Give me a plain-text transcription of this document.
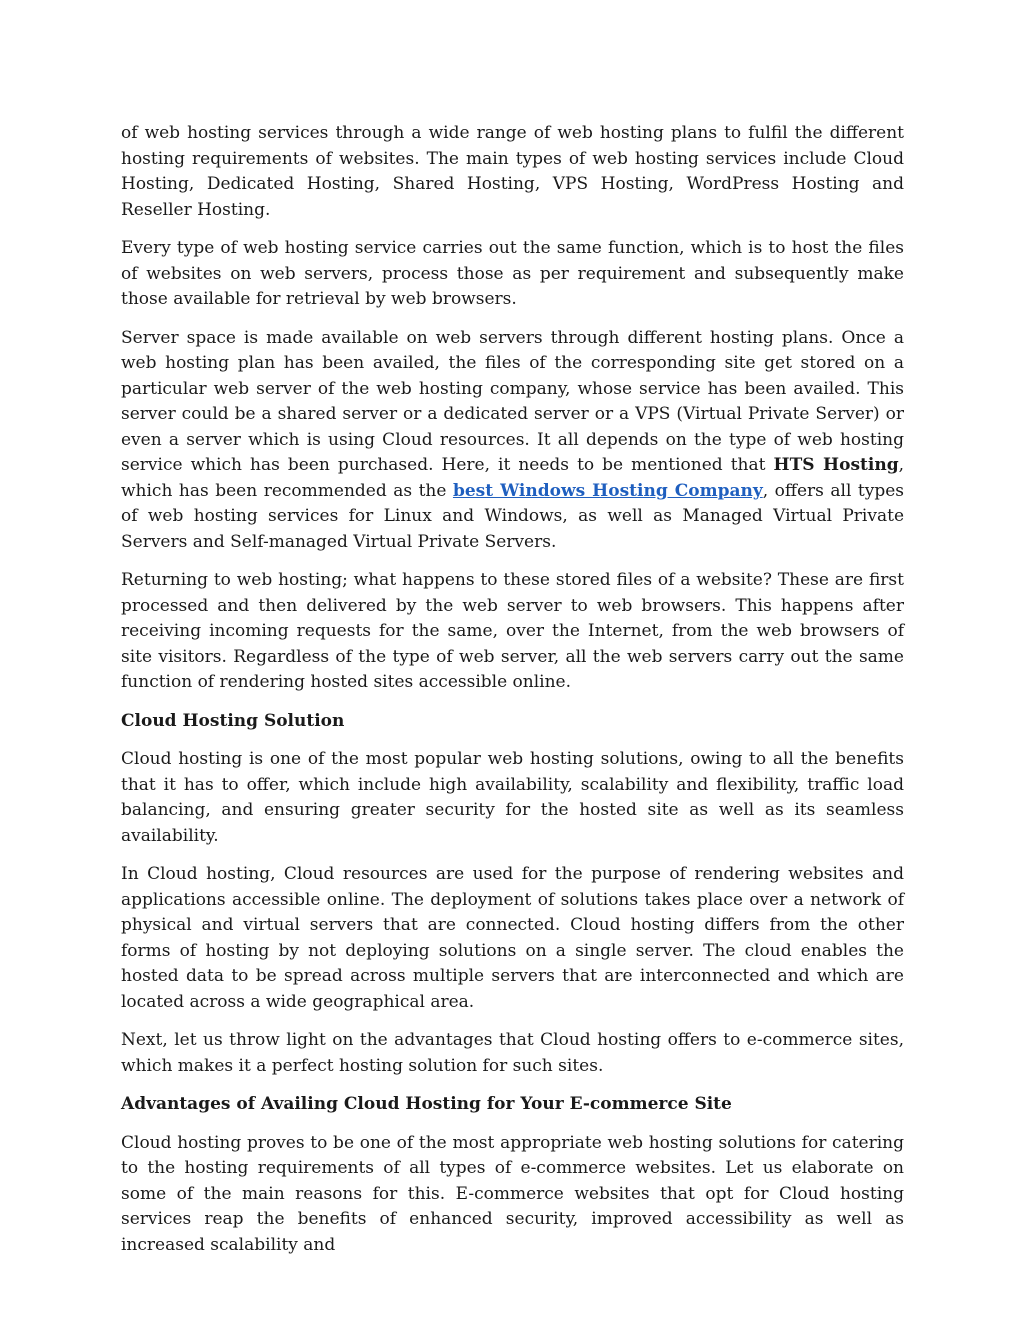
of web hosting services through a wide range of web hosting plans to fulfil the different hosting requirements of websites. The main types of web hosting services include Cloud Hosting, Dedicated Hosting, Shared Hosting, VPS Hosting, WordPress Hosting and Reseller Hosting.

Every type of web hosting service carries out the same function, which is to host the files of websites on web servers, process those as per requirement and subsequently make those available for retrieval by web browsers.

Server space is made available on web servers through different hosting plans. Once a web hosting plan has been availed, the files of the corresponding site get stored on a particular web server of the web hosting company, whose service has been availed. This server could be a shared server or a dedicated server or a VPS (Virtual Private Server) or even a server which is using Cloud resources. It all depends on the type of web hosting service which has been purchased. Here, it needs to be mentioned that HTS Hosting, which has been recommended as the best Windows Hosting Company, offers all types of web hosting services for Linux and Windows, as well as Managed Virtual Private Servers and Self-managed Virtual Private Servers.

Returning to web hosting; what happens to these stored files of a website? These are first processed and then delivered by the web server to web browsers. This happens after receiving incoming requests for the same, over the Internet, from the web browsers of site visitors. Regardless of the type of web server, all the web servers carry out the same function of rendering hosted sites accessible online.

Cloud Hosting Solution

Cloud hosting is one of the most popular web hosting solutions, owing to all the benefits that it has to offer, which include high availability, scalability and flexibility, traffic load balancing, and ensuring greater security for the hosted site as well as its seamless availability.

In Cloud hosting, Cloud resources are used for the purpose of rendering websites and applications accessible online. The deployment of solutions takes place over a network of physical and virtual servers that are connected. Cloud hosting differs from the other forms of hosting by not deploying solutions on a single server. The cloud enables the hosted data to be spread across multiple servers that are interconnected and which are located across a wide geographical area.

Next, let us throw light on the advantages that Cloud hosting offers to e-commerce sites, which makes it a perfect hosting solution for such sites.

Advantages of Availing Cloud Hosting for Your E-commerce Site

Cloud hosting proves to be one of the most appropriate web hosting solutions for catering to the hosting requirements of all types of e-commerce websites. Let us elaborate on some of the main reasons for this. E-commerce websites that opt for Cloud hosting services reap the benefits of enhanced security, improved accessibility as well as increased scalability and
